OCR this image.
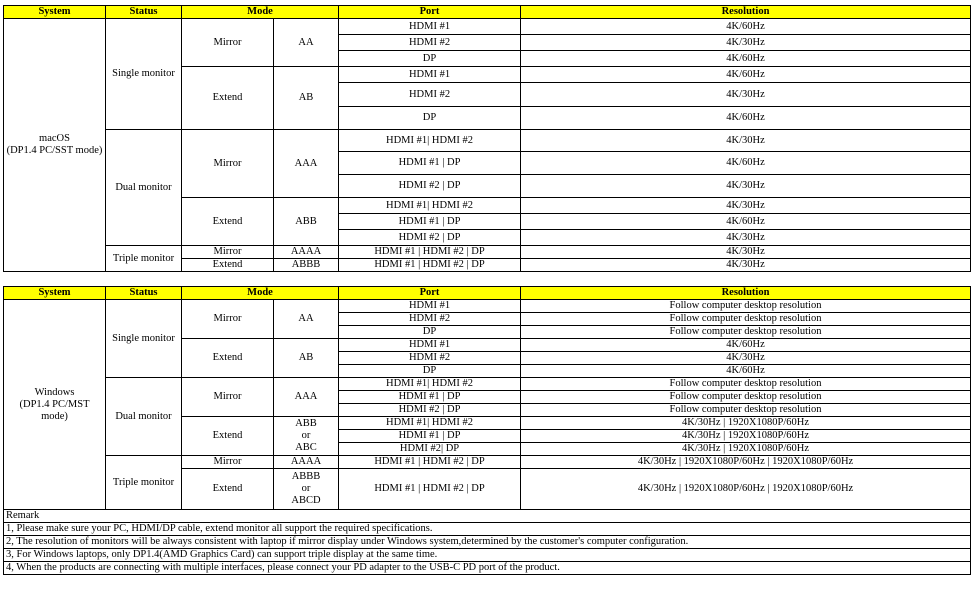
System	Status	Mode		Port	Resolution

macOS
(DP1.4 PC/SST mode)	Single monitor	Mirror	AA	HDMI #1	4K/60Hz
				HDMI #2	4K/30Hz
				DP	4K/60Hz
		Extend	AB	HDMI #1	4K/60Hz
				HDMI #2	4K/30Hz
				DP	4K/60Hz
	Dual monitor	Mirror	AAA	HDMI #1| HDMI #2	4K/30Hz
				HDMI #1 | DP	4K/60Hz
				HDMI #2 | DP	4K/30Hz
		Extend	ABB	HDMI #1| HDMI #2	4K/30Hz
				HDMI #1 | DP	4K/60Hz
				HDMI #2 | DP	4K/30Hz
	Triple monitor	Mirror	AAAA	HDMI #1 | HDMI #2 | DP	4K/30Hz
		Extend	ABBB	HDMI #1 | HDMI #2 | DP	4K/30Hz
System	Status	Mode		Port	Resolution

Windows
(DP1.4 PC/MST
mode)	Single monitor	Mirror	AA	HDMI #1	Follow computer desktop resolution
				HDMI #2	Follow computer desktop resolution
				DP	Follow computer desktop resolution
		Extend	AB	HDMI #1	4K/60Hz
				HDMI #2	4K/30Hz
				DP	4K/60Hz
	Dual monitor	Mirror	AAA	HDMI #1| HDMI #2	Follow computer desktop resolution
				HDMI #1 | DP	Follow computer desktop resolution
				HDMI #2 | DP	Follow computer desktop resolution
		Extend	ABB
or
ABC	HDMI #1| HDMI #2	4K/30Hz | 1920X1080P/60Hz
				HDMI #1 | DP	4K/30Hz | 1920X1080P/60Hz
				HDMI #2| DP	4K/30Hz | 1920X1080P/60Hz
	Triple monitor	Mirror	AAAA	HDMI #1 | HDMI #2 | DP	4K/30Hz | 1920X1080P/60Hz | 1920X1080P/60Hz
		Extend	ABBB
or
ABCD	HDMI #1 | HDMI #2 | DP	4K/30Hz | 1920X1080P/60Hz | 1920X1080P/60Hz
Remark					
1, Please make sure your PC, HDMI/DP cable, extend monitor all support the required specifications.					
2, The resolution of monitors will be always consistent with laptop if mirror display under Windows system,determined by the customer's computer configuration.					
3, For Windows laptops, only DP1.4(AMD Graphics Card) can support triple display at the same time.					
4, When the products are connecting with multiple interfaces, please connect your PD adapter to the USB-C PD port of the product.					
